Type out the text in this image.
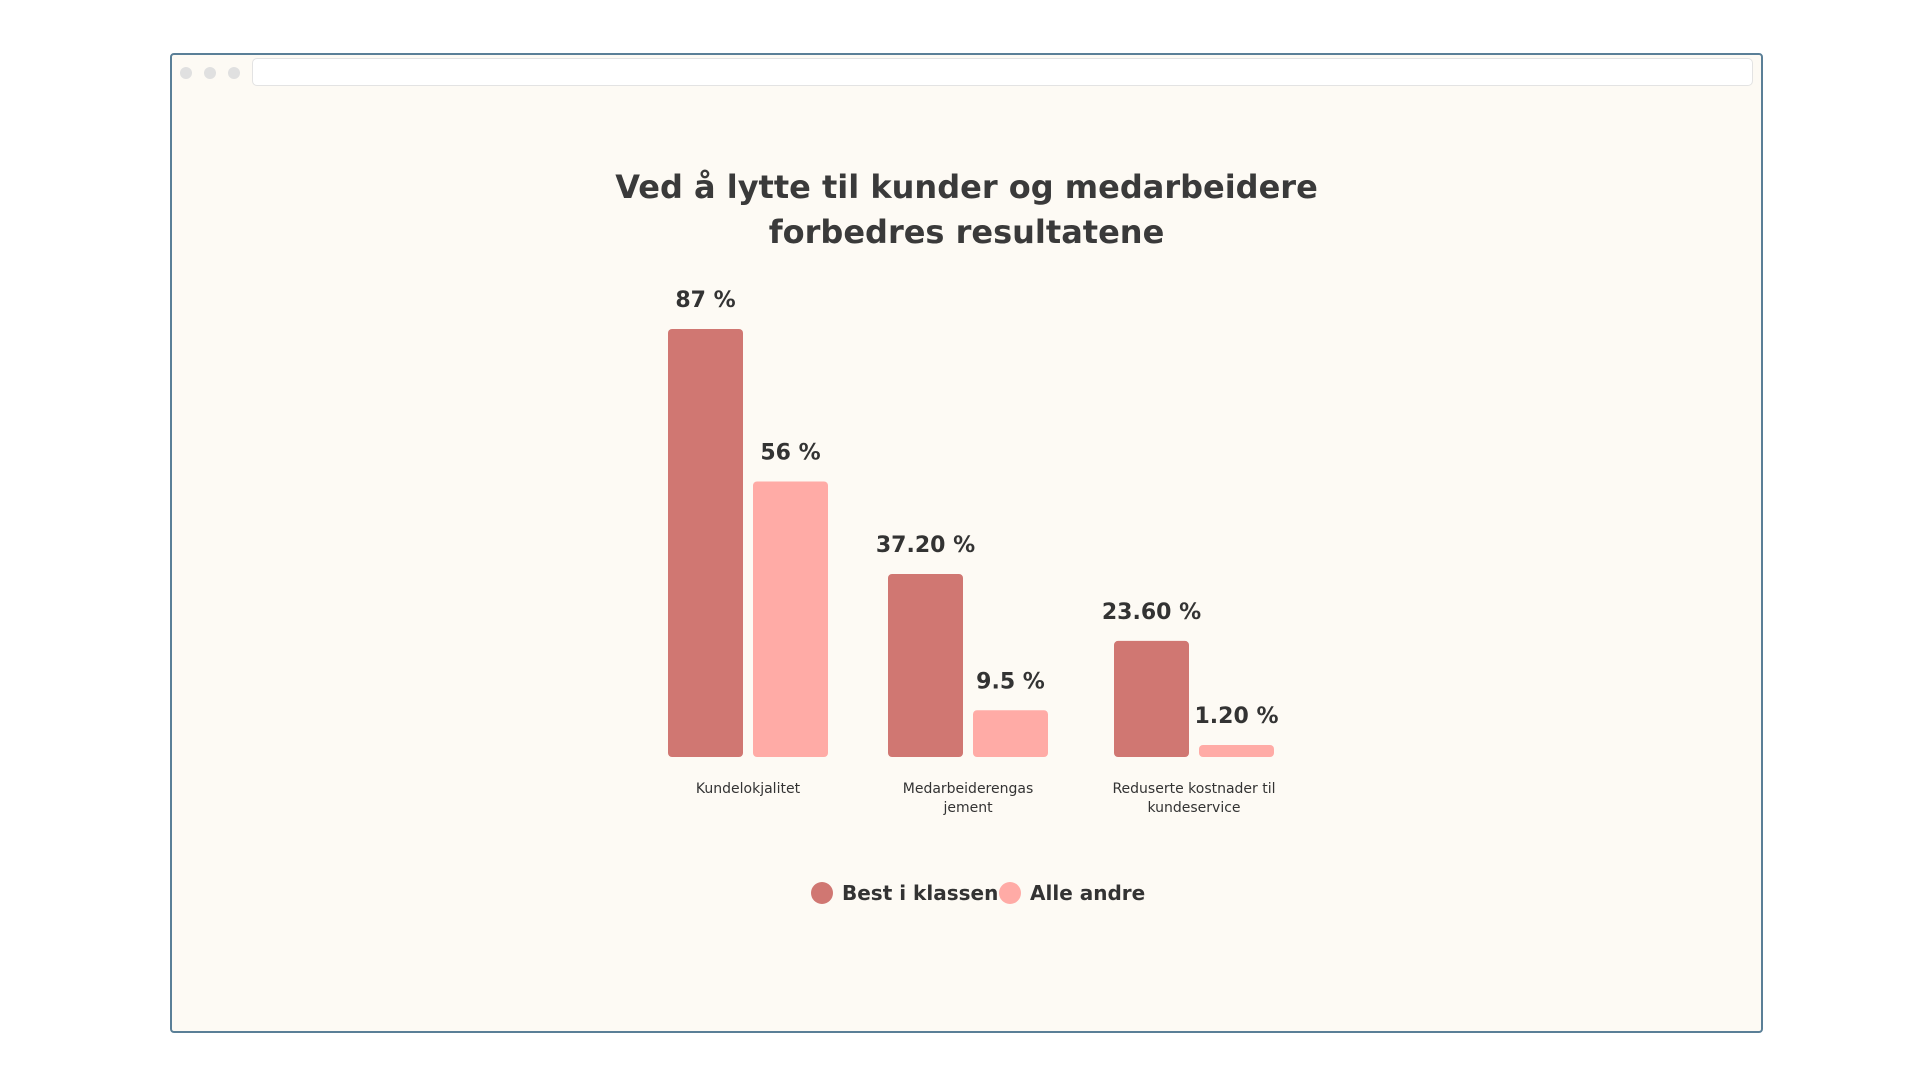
Ved å lytte til kunder og medarbeidere
forbedres resultatene
87 %
56 %
Kundelokjalitet
37.20 %
9.5 %
Medarbeiderengas
jement
23.60 %
1.20 %
Reduserte kostnader til
kundeservice
Best i klassen Alle andre
